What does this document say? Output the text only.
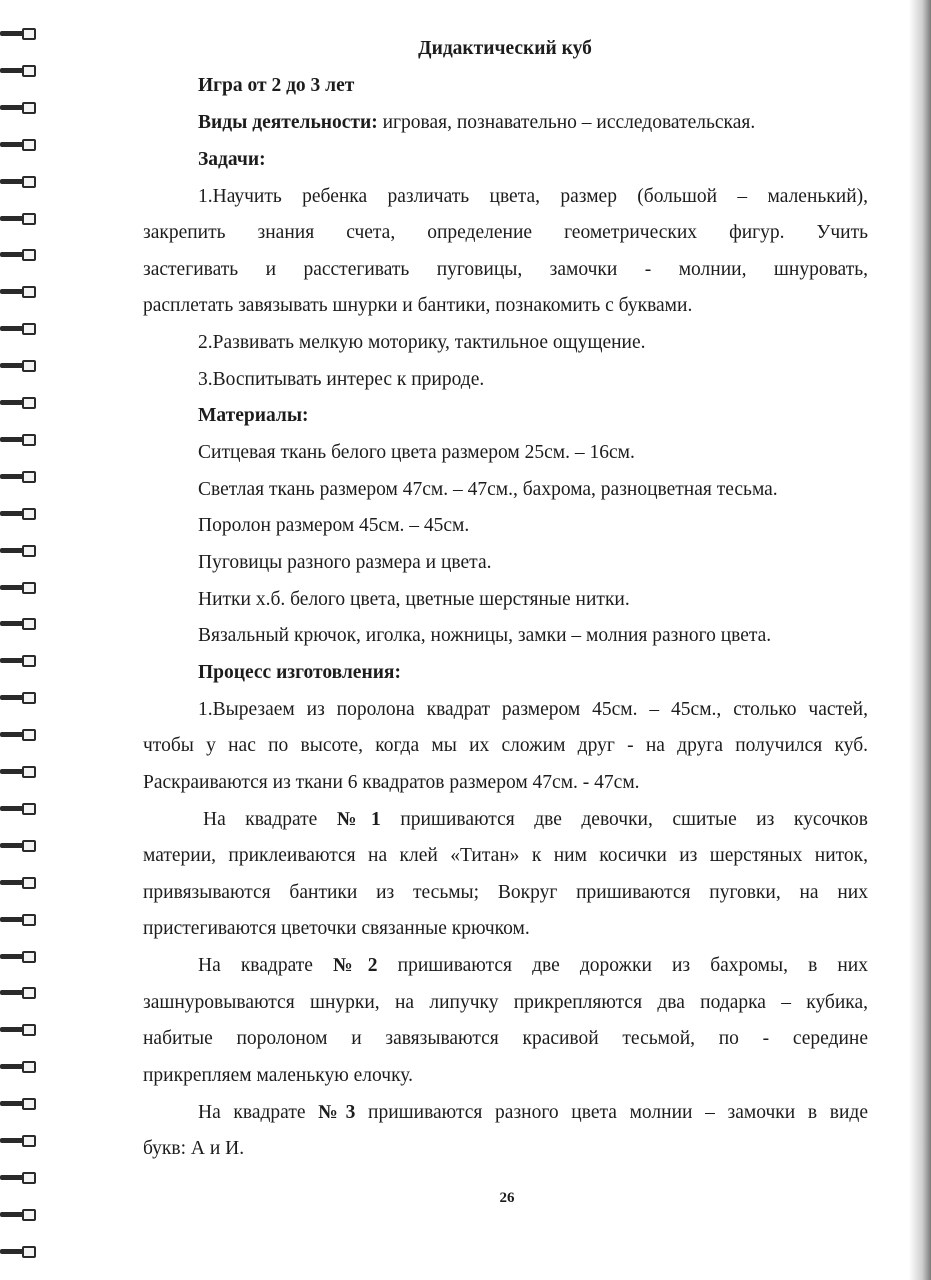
Дидактический куб
Игра от 2 до 3 лет
Виды деятельности: игровая, познавательно – исследовательская.
Задачи:
1.Научить ребенка различать цвета, размер (большой – маленький),
закрепить знания счета, определение геометрических фигур. Учить
застегивать и расстегивать пуговицы, замочки - молнии, шнуровать,
расплетать завязывать шнурки и бантики, познакомить с буквами.
2.Развивать мелкую моторику, тактильное ощущение.
3.Воспитывать интерес к природе.
Материалы:
Ситцевая ткань белого цвета размером 25см. – 16см.
Светлая ткань размером 47см. – 47см., бахрома, разноцветная тесьма.
Поролон размером 45см. – 45см.
Пуговицы разного размера и цвета.
Нитки х.б. белого цвета, цветные шерстяные нитки.
Вязальный крючок, иголка, ножницы, замки – молния разного цвета.
Процесс изготовления:
1.Вырезаем из поролона квадрат размером 45см. – 45см., столько частей,
чтобы у нас по высоте, когда мы их сложим друг - на друга получился куб.
Раскраиваются из ткани 6 квадратов размером 47см. - 47см.
На квадрате №1 пришиваются две девочки, сшитые из кусочков
материи, приклеиваются на клей «Титан» к ним косички из шерстяных ниток,
привязываются бантики из тесьмы; Вокруг пришиваются пуговки, на них
пристегиваются цветочки связанные крючком.
На квадрате №2 пришиваются две дорожки из бахромы, в них
зашнуровываются шнурки, на липучку прикрепляются два подарка – кубика,
набитые поролоном и завязываются красивой тесьмой, по - середине
прикрепляем маленькую елочку.
На квадрате №3 пришиваются разного цвета молнии – замочки в виде
букв: А и И.
26
